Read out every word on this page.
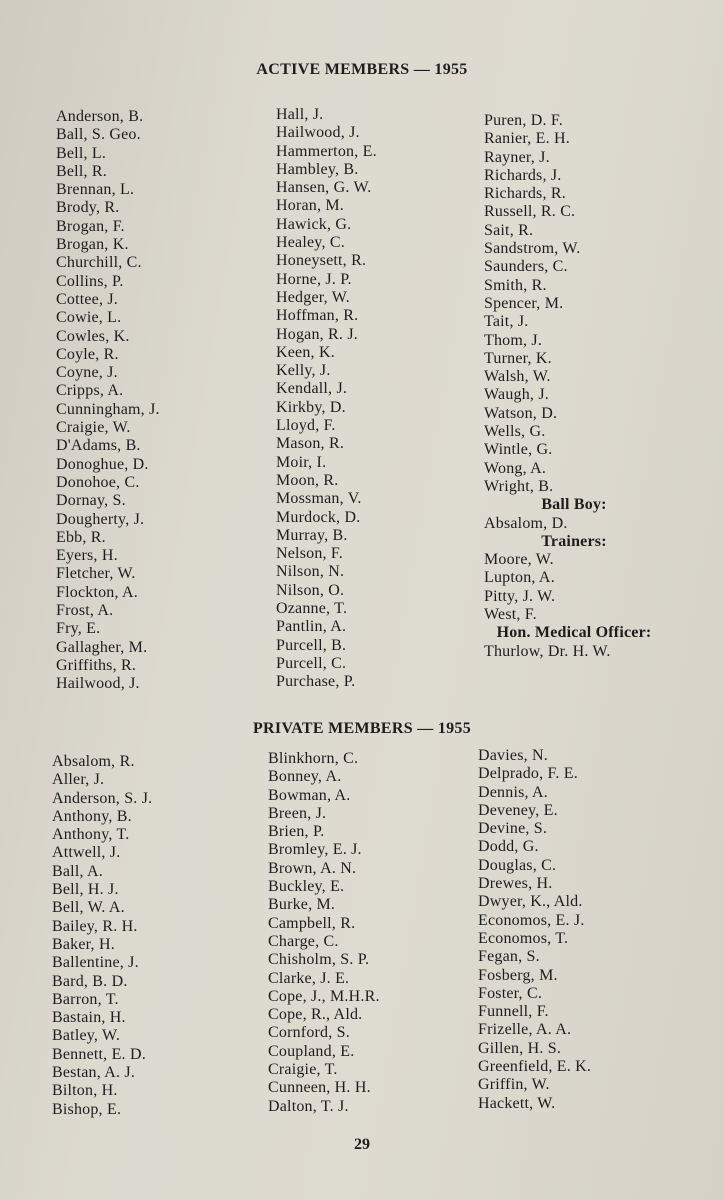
ACTIVE MEMBERS — 1955
Anderson, B.
Ball, S. Geo.
Bell, L.
Bell, R.
Brennan, L.
Brody, R.
Brogan, F.
Brogan, K.
Churchill, C.
Collins, P.
Cottee, J.
Cowie, L.
Cowles, K.
Coyle, R.
Coyne, J.
Cripps, A.
Cunningham, J.
Craigie, W.
D'Adams, B.
Donoghue, D.
Donohoe, C.
Dornay, S.
Dougherty, J.
Ebb, R.
Eyers, H.
Fletcher, W.
Flockton, A.
Frost, A.
Fry, E.
Gallagher, M.
Griffiths, R.
Hailwood, J.
Hall, J.
Hailwood, J.
Hammerton, E.
Hambley, B.
Hansen, G. W.
Horan, M.
Hawick, G.
Healey, C.
Honeysett, R.
Horne, J. P.
Hedger, W.
Hoffman, R.
Hogan, R. J.
Keen, K.
Kelly, J.
Kendall, J.
Kirkby, D.
Lloyd, F.
Mason, R.
Moir, I.
Moon, R.
Mossman, V.
Murdock, D.
Murray, B.
Nelson, F.
Nilson, N.
Nilson, O.
Ozanne, T.
Pantlin, A.
Purcell, B.
Purcell, C.
Purchase, P.
Puren, D. F.
Ranier, E. H.
Rayner, J.
Richards, J.
Richards, R.
Russell, R. C.
Sait, R.
Sandstrom, W.
Saunders, C.
Smith, R.
Spencer, M.
Tait, J.
Thom, J.
Turner, K.
Walsh, W.
Waugh, J.
Watson, D.
Wells, G.
Wintle, G.
Wong, A.
Wright, B.
Ball Boy:
Absalom, D.
Trainers:
Moore, W.
Lupton, A.
Pitty, J. W.
West, F.
Hon. Medical Officer:
Thurlow, Dr. H. W.
PRIVATE MEMBERS — 1955
Absalom, R.
Aller, J.
Anderson, S. J.
Anthony, B.
Anthony, T.
Attwell, J.
Ball, A.
Bell, H. J.
Bell, W. A.
Bailey, R. H.
Baker, H.
Ballentine, J.
Bard, B. D.
Barron, T.
Bastain, H.
Batley, W.
Bennett, E. D.
Bestan, A. J.
Bilton, H.
Bishop, E.
Blinkhorn, C.
Bonney, A.
Bowman, A.
Breen, J.
Brien, P.
Bromley, E. J.
Brown, A. N.
Buckley, E.
Burke, M.
Campbell, R.
Charge, C.
Chisholm, S. P.
Clarke, J. E.
Cope, J., M.H.R.
Cope, R., Ald.
Cornford, S.
Coupland, E.
Craigie, T.
Cunneen, H. H.
Dalton, T. J.
Davies, N.
Delprado, F. E.
Dennis, A.
Deveney, E.
Devine, S.
Dodd, G.
Douglas, C.
Drewes, H.
Dwyer, K., Ald.
Economos, E. J.
Economos, T.
Fegan, S.
Fosberg, M.
Foster, C.
Funnell, F.
Frizelle, A. A.
Gillen, H. S.
Greenfield, E. K.
Griffin, W.
Hackett, W.
29
